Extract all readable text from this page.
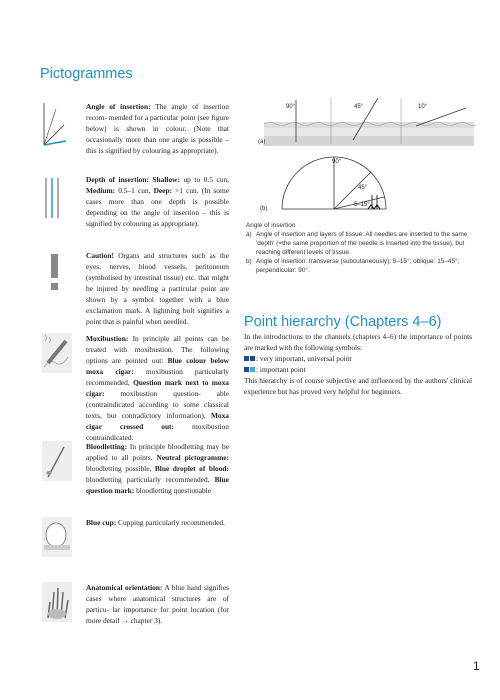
Pictogrammes
Angle of insertion: The angle of insertion recom- mended for a particular point (see figure below) is shown in colour. (Note that occasionally more than one angle is possible – this is signified by colouring as appropriate).
Depth of insertion: Shallow: up to 0.5 cun, Medium: 0.5–1 cun, Deep: >1 cun. (In some cases more than one depth is possible depending on the angle of insertion – this is signified by colouring as appropriate).
Caution! Organs and structures such as the eyes, nerves, blood vessels, peritoneum (symbolised by intestinal tissue) etc. that might be injured by needling a particular point are shown by a symbol together with a blue exclamation mark. A lightning bolt signifies a point that is painful when needled.
Moxibustion: In principle all points can be treated with moxibustion. The following options are pointed out: Blue colour below moxa cigar: moxibustion particularly recommended, Question mark next to moxa cigar: moxibustion question- able (contraindicated according to some classical texts, but contradictory information), Moxa cigar crossed out: moxibustion contraindicated.
Bloodletting: In principle bloodletting may be applied to all points. Neutral pictogramme: bloodletting possible, Blue droplet of blood: bloodletting particularly recommended, Blue question mark: bloodletting questionable
Blue cup: Cupping particularly recommended.
Anatomical orientation: A blue hand signifies cases where anatomical structures are of particu- lar importance for point location (for more detail → chapter 3).
90°	45°	10°
(a)
90°
45°
5–15°
(b)
Angle of insertion
a) Angle of insertion and layers of tissue: All needles are inserted to the same 'depth' (=the same proportion of the needle is inserted into the tissue), but reaching different levels of tissue.
b) Angle of insertion: transverse (subcutaneously): 5–15°; oblique: 15–45°; perpendicular: 90°.
Point hierarchy (Chapters 4–6)
In the introductions to the channels (chapters 4–6) the importance of points are marked with the following symbols:
: very important, universal point
: important point
This hierarchy is of course subjective and influenced by the authors' clinical experience but has proved very helpful for beginners.
1
